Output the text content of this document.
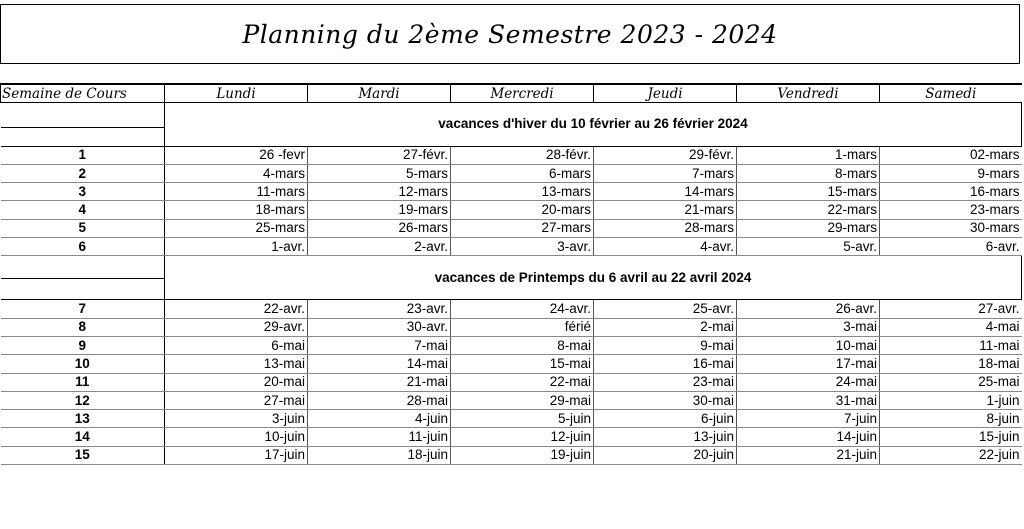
Planning du 2ème Semestre 2023 - 2024
Semaine de Cours	Lundi	Mardi	Mercredi	Jeudi	Vendredi	Samedi
	vacances d'hiver du 10 février au 26 février 2024					

1	26 -fevr	27-févr.	28-févr.	29-févr.	1-mars	02-mars
2	4-mars	5-mars	6-mars	7-mars	8-mars	9-mars
3	11-mars	12-mars	13-mars	14-mars	15-mars	16-mars
4	18-mars	19-mars	20-mars	21-mars	22-mars	23-mars
5	25-mars	26-mars	27-mars	28-mars	29-mars	30-mars
6	1-avr.	2-avr.	3-avr.	4-avr.	5-avr.	6-avr.
	vacances de Printemps du 6 avril au 22 avril 2024					

7	22-avr.	23-avr.	24-avr.	25-avr.	26-avr.	27-avr.
8	29-avr.	30-avr.	férié	2-mai	3-mai	4-mai
9	6-mai	7-mai	8-mai	9-mai	10-mai	11-mai
10	13-mai	14-mai	15-mai	16-mai	17-mai	18-mai
11	20-mai	21-mai	22-mai	23-mai	24-mai	25-mai
12	27-mai	28-mai	29-mai	30-mai	31-mai	1-juin
13	3-juin	4-juin	5-juin	6-juin	7-juin	8-juin
14	10-juin	11-juin	12-juin	13-juin	14-juin	15-juin
15	17-juin	18-juin	19-juin	20-juin	21-juin	22-juin
